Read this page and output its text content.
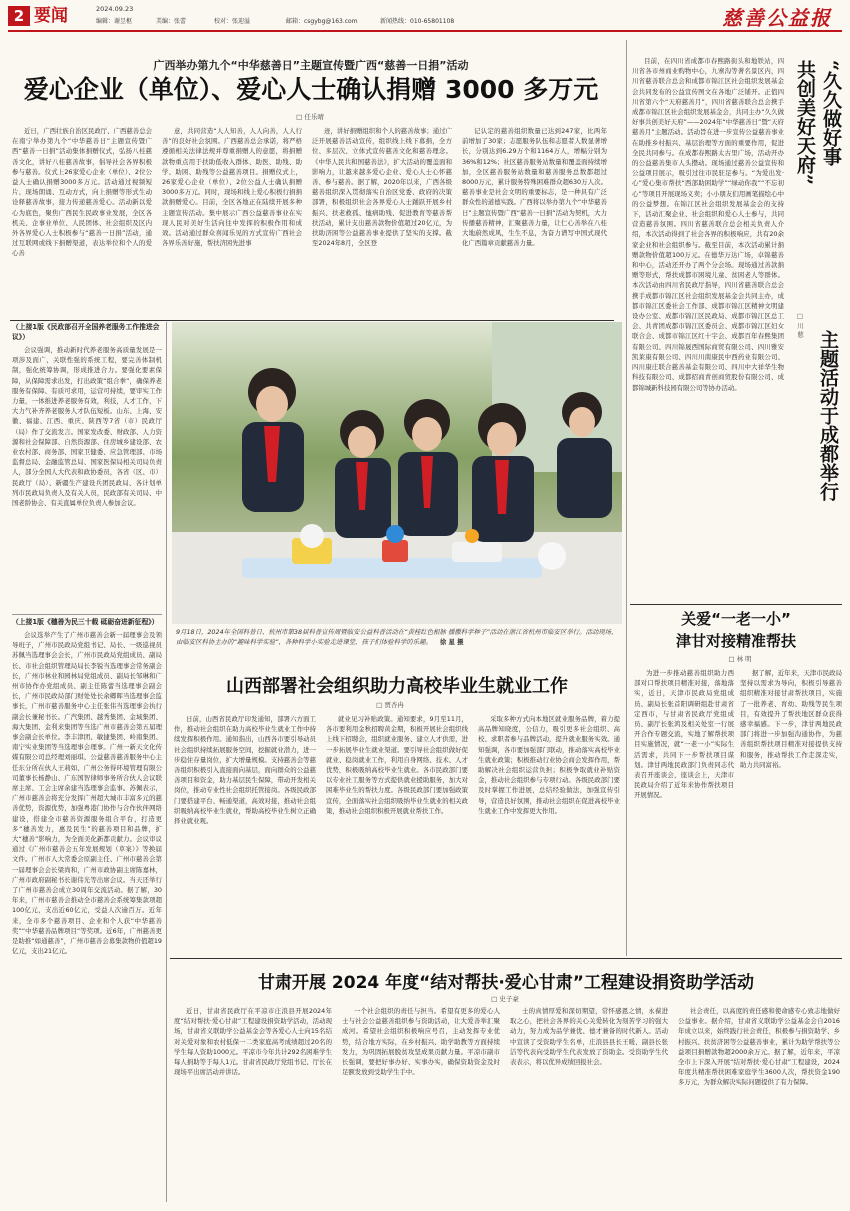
2 要闻	2024.09.23
编辑：谢昱枢	美编：张蕾	校对：张迎溢	邮箱：csgybg@163.com	新闻热线：010-65801108	慈善公益报
广西举办第九个“中华慈善日”主题宣传暨广西“慈善一日捐”活动
爱心企业（单位）、爱心人士确认捐赠 3000 多万元
□ 任乐晴

近日，广西壮族自治区民政厅、广西慈善总会在南宁举办第九个“中华慈善日”主题宣传暨广西“慈善一日捐”活动集体捐赠仪式，弘扬八桂慈善文化，讲好八桂慈善故事，倡导社会各界积极参与慈善。仪式上26家爱心企业（单位）、2位公益人士确认捐赠3000多万元。活动通过视频短片、现场朗诵、互动方式，向上捐赠等形式生动诠释慈善故事，接力传递慈善爱心。活动新以爱心为底色，聚焦广西民生民政事业发展，全区各机关、企事业单位、人民团体、社会组织及区内外各界爱心人士积极参与“慈善一日捐”活动，通过互联网或线下捐赠渠道，表达举位和个人的爱心善

意，共同营造“人人知善，人人向善，人人行善”的良好社会氛围。广西慈善总会承诺，将严格遵循相关法律法规并尊重捐赠人的意愿，将捐赠款物重点用于扶助低收入群体、助医、助残、助学、助困、助残等公益慈善项目。捐赠仪式上，26家爱心企业（单位）、2位公益人士确认捐赠3000多万元。同时，现场和线上爱心积极行捐捐款捐赠爱心。目前，全区各地正在陆续开展多种主题宣传活动。集中展示广西公益慈善事业在实现人民对美好生活向往中发挥的积极作用和成效。活动通过群众喜闻乐见的方式宣传广西社会各界乐善好施，帮扶济困先进事

迹，讲好捐赠组织和个人的慈善故事；通过广泛开展慈善活动宣传，组织线上线下募捐，全方位、多层次、立体式宣传慈善文化和慈善理念。《中华人民共和国慈善法》，扩大活动的覆盖面和影响力，让越来越多爱心企业、爱心人士心怀慈善、参与慈善。据了解，2020年以来，广西各级慈善组织深入贯彻落实自治区党委、政府的决策部署，积极组织社会各界爱心人士踊跃开展乡村振兴、扶老救孤、恤病助残、促进教育等慈善帮扶活动，累计支出慈善款物价值超过20亿元，为扶助济困等公益慈善事业提供了坚实的支撑。截至2024年8月，全区登

记认定的慈善组织数量已达到247家，比两年前增加了30家；志愿服务队伍和志愿者人数显著增长，分别达到6.29万个和1164万人，增幅分别为36%和12%；社区慈善服务站数量和覆盖面持续增加，全区慈善服务站数量和慈善服务总数都超过8000万元，累计服务特殊困难群众超630万人次。慈善事业是社会文明的重要标志，是一种具有广泛群众性的道德实践。广西将以举办第九个“中华慈善日”主题宣传暨广西“慈善一日捐”活动为契机，大力传播慈善精神，汇聚慈善力量，让仁心善举在八桂大地蔚然成风，生生不息，为奋力谱写中国式现代化广西篇章贡献慈善力量。

（上接1版《民政部召开全国养老服务工作推进会议》）

会议强调，推动新时代养老服务高质量发展是一项涉及面广、关联性强的系统工程，要完善体制机制，强化统筹协调，形成推进合力。要强化要素保障，从保障需求出发，打出政策“组合拳”，确保养老服务有保障、有质可求用，运营可持续，要审实工作力量，一体推进养老服务有效，利技，人才工作，下大力气补齐养老服务人才队伍短板。山东、上海、安徽、福建、江西、重庆、陕西等7省（市）民政厅（局）作了交流发言。国家发改委、财政部、人力资源和社会保障部、自然资源部、住房城乡建设部、农业农村部、商务部、国家卫健委、应急管理部、市场监督总局、金融监管总局、国家医保局相关司局负责人，部分全国人大代表和政协委员，各省（区、市）民政厅（局）、新疆生产建设兵团民政局、各计划单列市民政局负责人及有关人员，民政部有关司局、中国老龄协会、有关直属单位负责人参加会议。

（上接1版《穗善为民三十载 砥砺奋进新征程》）

会议选举产生了广州市慈善会新一届理事会及领导班子，广州市民政局党组书记、局长、一级巡视员苏佩当选理事会会长，广州市民政局党组成员、副局长、市社会组织管理局局长李锐当选理事会常务副会长，广州市林业和园林局党组成员、副局长邹琳和广州市协作办党组成员、副主任陈蕾当选理事会副会长，广州市民政局部门财处处长余卿晖当选理事会监事长，广州市慈善服务中心主任张伟当选理事会执行副会长兼秘书长。广汽集团、越秀集团、金域集团、海大集团、金利来集团等当选广州市慈善会第五届理事会副会长单位。李丰津团、敏捷集团、岭南集团、南宁实业集团等当选理事会理事。广州一新天文化传媒有限公司总经理刘丽琪、公益慈善慈善服务中心主任东分所在伙人王莉如、广州公务得环境管理有限公司董事长杨静山、广东国智律师事务所合伙人会议联席主席、工会主席余建当选理事会监事。苏佩表示，广州市慈善会将充分发挥广州超大城市丰富多元的慈善优势，资源优势，加强粤港门协作与合作伙伴网络建设，搭建全市慈善资源服务组合平台，打造更多“穗善发力，惠及民生”的慈善项目和品牌，扩大“穗善”影响力，为全面美化新都贡献力。会议审议通过《广州市慈善会五年发展规划（草案）》等换届文件。广州市人大常委会原副主任、广州市慈善会第一届理事会会长梁尚和，广州市政协副主席陈嘉林，广州市政府副秘书长谢伟光等出席会议。当天还举行了广州市慈善会成立30周年交流活动。据了解，30年来，广州市慈善会推动全市慈善会系统筹集款项超100亿元，支出近60亿元，受益人次逾百万。近年来，全市多个慈善项目、企业和个人获“中华慈善奖”“中华慈善品牌项目”等奖项。近6年，广州慈善更是助推“如通慈善”，广州市慈善会募集款物价值超19亿元，支出21亿元。

9月18日，2024年全国科普日、杭州市第38届科普宣传周暨临安公益科普活动在“黄桂红色根脉 播撒科学种子”活动在浙江省杭州市临安区举行。活动现场，由临安区科协主办的“趣味科学实验”，各种科学小实验走进课堂，孩子们体验科学的乐趣。 徐 星 摄
山西部署社会组织助力高校毕业生就业工作
□ 贾杏冉

日前，山西省民政厅印发通知，部署六方面工作，推动社会组织在助力高校毕业生就业工作中持续发挥积极作用。通知指出，山西各市要引导动员社会组织持续拓展服务空间，挖掘就业潜力，进一步稳住存量岗位，扩大增量规模。支持慈善会等慈善组织积极引入直接面向基层，面向群众的公益慈善项目和资金，助力基层民生保障，带动开发相关岗位，推动专业性社会组织托管接岗。各级民政部门要搭建平台、畅通渠道，高效对接，推动社会组织吸纳高校毕业生就业，帮助高校毕业生树立正确择业就业观。

就业见习补贴政策。通知要求，9月至11月，各市要利用金秋招聘黄金期，积极开展社会组织线上线下招聘会，组织就业服务、建立人才供需，进一步拓展毕业生就业渠道。要引导社会组织做好促就业、稳岗就业工作，利用自身网络、技术、人才优势，积极吸纳高校毕业生就业。各市民政部门要以专业社工服务等方式提供就业援助服务，加大对困难毕业生的帮扶力度。各级民政部门要加强政策宣传，全面落实社会组织吸纳毕业生就业的相关政策，推动社会组织积极开展就业帮扶工作。

采取多种方式向本地区就业服务品牌，着力提高品牌知晓度，公信力，吸引更多社会组织、高校、求职者参与品牌活动，提升就业服务实效。通知强调，各市要加强部门联动，推动落实高校毕业生就业政策；积极推动行业协会商会发挥作用，帮助解决社会组织运营负担；积极争取就业补贴资金，推动社会组织参与专项行动。各级民政部门要及时掌握工作进展，总结经验做法，加强宣传引导，营造良好氛围，推动社会组织在促进高校毕业生就业工作中发挥更大作用。

目前，在四川省成都市春熙路街头和地铁站，四川省各市州商业购物中心，九寨沟等著名景区内，四川省慈善联合总会和成都市锦江区社会组织发展基金会共同发布的公益宣传图文在各地广泛铺开。正值四川省第六个“天府慈善月”，四川省慈善联合总会携手成都市锦江区社会组织发展基金会，共同主办“久久做好事共创美好天府”——2024年“中华慈善日”暨“天府慈善月”主题活动。活动旨在进一步宣传公益慈善事业在助推乡村振兴、基层治理等方面的重要作用，促进全民共同参与。在成都春熙路太古里广场，活动开办的公益慈善集市人头攒动。现场通过慈善公益宣传和公益项目展示，吸引过往市民驻足参与。“为爱出发·心”爱心集市帮扶“西部助困助学”“绿动你我”“不忘初心”等项目开展现场义卖；小小朋友们用画笔描绘心中的公益梦想。在锦江区社会组织发展基金会的支持下，活动汇聚企业、社会组织和爱心人士参与，共同营造慈善氛围。四川省慈善联合总会相关负责人介绍，本次活动得到了社会各界的积极响应，共有20余家企业和社会组织参与。截至目前，本次活动累计捐赠款物价值超100万元。在德华万达广场，卓锦慈善和中心，活动还开办了两个分会场。现场通过善款捐赠等形式，帮扶成都市困境儿童、贫困老人等群体。本次活动由四川省民政厅指导，四川省慈善联合总会携手成都市锦江区社会组织发展基金会共同主办，成都市锦江区委社会工作部、成都市锦江区精神文明建设办公室、成都市锦江区民政局、成都市锦江区总工会、共青团成都市锦江区委员会、成都市锦江区妇女联合会、成都市锦江区红十字会、成都百年春熙集团有限公司、四川锦晟西国际商贸有限公司、四川雅安凯莱康有限公司、四川川南康民中西药业有限公司、四川康庄联合慈善基金有限公司、四川中大祥华生物科技有限公司、成都招商青创商贸股份有限公司、成都锦城新科技园有限公司等协办活动。

“久久做好事
共创美好天府”
□ 川 慈
主题活动于成都举行
关爱“一老一小”
津甘对接精准帮扶
□ 林 明

为进一步推动慈善组织助力西部对口帮扶项目精准对接，落地落实，近日，天津市民政局党组成员、副局长张首阳调研组赴甘肃省定西市，与甘肃省民政厅党组成员、副厅长张鸿及相关处室一行展开合作专题交流，实地了解帮扶项目实施情况，就“一老一小”实际生活需求，共同下一步帮扶项目谋划。津甘两地民政部门负责同志代表召开座谈会，座谈会上，天津市民政局介绍了近年来协作帮扶项目开展情况。

据了解，近年来，天津市民政局坚持以需求为导向，积极引导慈善组织精准对接甘肃帮扶项目，实施了一批养老、育幼、助残等民生项目，有效提升了帮扶地区群众获得感幸福感。下一步，津甘两地民政部门将进一步加强沟通协作，为慈善组织帮扶项目精准对接提供支持和服务，推动帮扶工作走深走实，助力共同富裕。

甘肃开展 2024 年度“结对帮扶·爱心甘肃”工程建设捐资助学活动
□ 史子豪

近日，甘肃省民政厅在平凉市庄浪县开展2024年度“结对帮扶·爱心甘肃”工程建设捐资助学活动，活动现场，甘肃省义联助学公益基金会等各爱心人士向15名结对关爱对象和农村低保一二类家庭高考成绩超过20名的学生每人资助1000元。平凉市今年共计292名困难学生每人捐助等于每人1元。甘肃省民政厅党组书记、厅长在现场平出席活动并讲话。

一个社会组织的责任与担当。希望有更多的爱心人士与社会公益慈善组织参与资助活动，让大爱善举汇聚成河。希望社会组织积极响应号召，主动发挥专业优势，结合地方实际，在乡村振兴、助学助教等方面持续发力，为巩固拓展脱贫攻坚成果贡献力量。平凉市副市长强调，要把好事办好、实事办实，确保资助资金及时足额发放到受助学生手中。

士的真情厚爱和深切期望，常怀感恩之情，永葆进取之心，把社会各界的关心关爱转化为刻苦学习的强大动力，努力成为品学兼优、德才兼备的时代新人。活动中宣读了受资助学生名单，庄浪县县长王暖、副县长张洁等代表向受助学生代表发放了资助金。受资助学生代表表示，将以优异成绩回报社会。

社会责任，以高度的责任感和使命感专心致志地做好公益事业。据介绍，甘肃省义联助学公益基金会自2016年成立以来，始终践行社会责任，积极参与捐资助学、乡村振兴、扶贫济困等公益慈善事业，累计为助学帮扶等公益项目捐赠款物超2000余万元。据了解，近年来，平凉全市上下深入开展“结对帮扶·爱心甘肃”工程建设，2024年度共精准帮扶困难家庭学生3600人次，帮扶资金190多万元，为群众解决实际问题提供了有力保障。
